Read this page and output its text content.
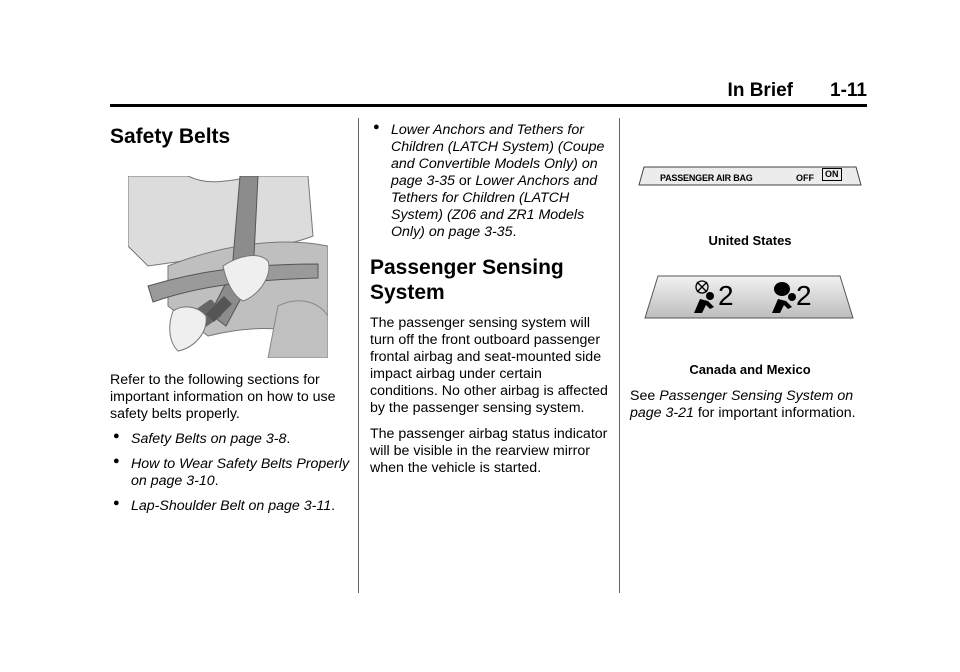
In Brief 1-11
Safety Belts

Refer to the following sections for important information on how to use safety belts properly.

● Safety Belts on page 3-8.
● How to Wear Safety Belts Properly on page 3-10.
● Lap-Shoulder Belt on page 3-11.
● Lower Anchors and Tethers for Children (LATCH System) (Coupe and Convertible Models Only) on page 3-35 or Lower Anchors and Tethers for Children (LATCH System) (Z06 and ZR1 Models Only) on page 3-35.
Passenger Sensing System

The passenger sensing system will turn off the front outboard passenger frontal airbag and seat-mounted side impact airbag under certain conditions. No other airbag is affected by the passenger sensing system.

The passenger airbag status indicator will be visible in the rearview mirror when the vehicle is started.

PASSENGER AIR BAG	OFF	ON

United States

2 2

Canada and Mexico

See Passenger Sensing System on page 3-21 for important information.
